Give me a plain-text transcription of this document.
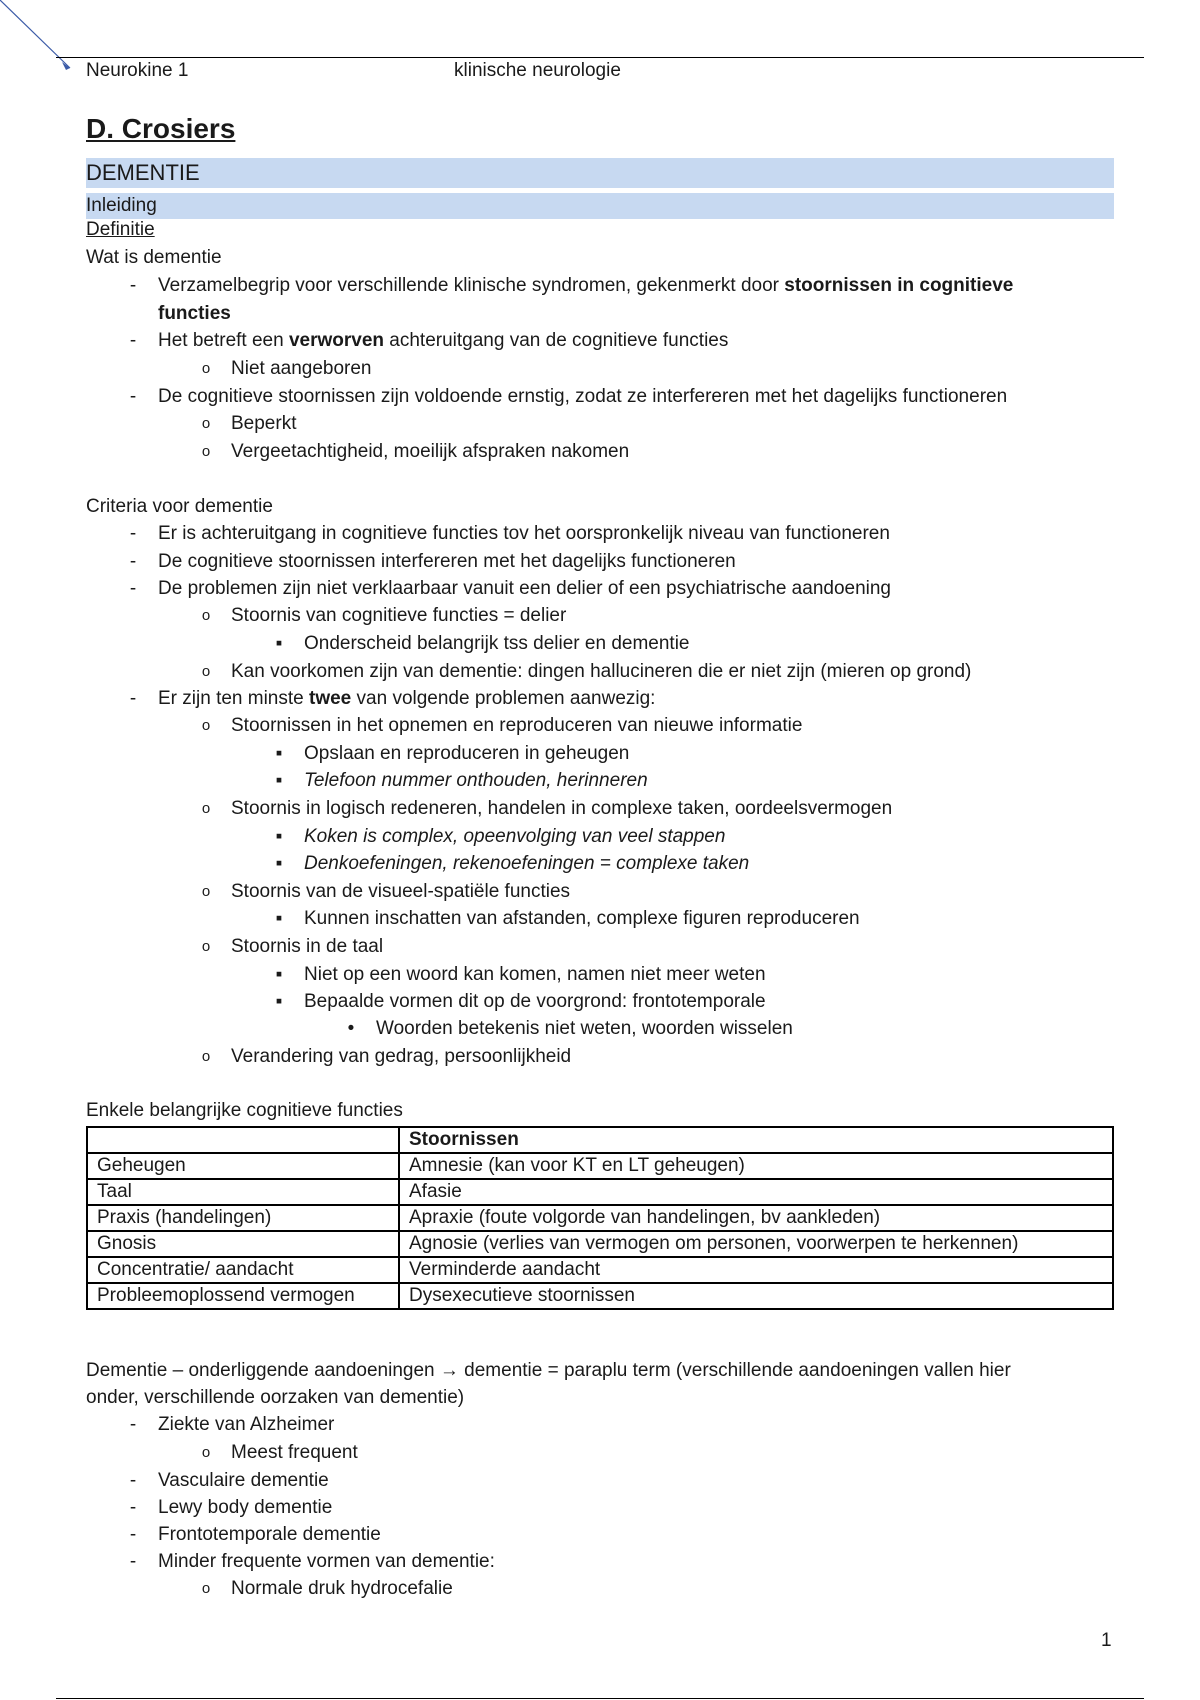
Neurokine 1	klinische neurologie
D. Crosiers
DEMENTIE
Inleiding
Definitie
Wat is dementie
-	Verzamelbegrip voor verschillende klinische syndromen, gekenmerkt door stoornissen in cognitieve
functies
-	Het betreft een verworven achteruitgang van de cognitieve functies
o	Niet aangeboren
-	De cognitieve stoornissen zijn voldoende ernstig, zodat ze interfereren met het dagelijks functioneren
o	Beperkt
o	Vergeetachtigheid, moeilijk afspraken nakomen
Criteria voor dementie
-	Er is achteruitgang in cognitieve functies tov het oorspronkelijk niveau van functioneren
-	De cognitieve stoornissen interfereren met het dagelijks functioneren
-	De problemen zijn niet verklaarbaar vanuit een delier of een psychiatrische aandoening
o	Stoornis van cognitieve functies = delier
▪	Onderscheid belangrijk tss delier en dementie
o	Kan voorkomen zijn van dementie: dingen hallucineren die er niet zijn (mieren op grond)
-	Er zijn ten minste twee van volgende problemen aanwezig:
o	Stoornissen in het opnemen en reproduceren van nieuwe informatie
▪	Opslaan en reproduceren in geheugen
▪	Telefoon nummer onthouden, herinneren
o	Stoornis in logisch redeneren, handelen in complexe taken, oordeelsvermogen
▪	Koken is complex, opeenvolging van veel stappen
▪	Denkoefeningen, rekenoefeningen = complexe taken
o	Stoornis van de visueel-spatiële functies
▪	Kunnen inschatten van afstanden, complexe figuren reproduceren
o	Stoornis in de taal
▪	Niet op een woord kan komen, namen niet meer weten
▪	Bepaalde vormen dit op de voorgrond: frontotemporale
•	Woorden betekenis niet weten, woorden wisselen
o	Verandering van gedrag, persoonlijkheid
Enkele belangrijke cognitieve functies
Dementie – onderliggende aandoeningen → dementie = paraplu term (verschillende aandoeningen vallen hier
onder, verschillende oorzaken van dementie)
-	Ziekte van Alzheimer
o	Meest frequent
-	Vasculaire dementie
-	Lewy body dementie
-	Frontotemporale dementie
-	Minder frequente vormen van dementie:
o	Normale druk hydrocefalie
	Stoornissen
Geheugen	Amnesie (kan voor KT en LT geheugen)
Taal	Afasie
Praxis (handelingen)	Apraxie (foute volgorde van handelingen, bv aankleden)
Gnosis	Agnosie (verlies van vermogen om personen, voorwerpen te herkennen)
Concentratie/ aandacht	Verminderde aandacht
Probleemoplossend vermogen	Dysexecutieve stoornissen
1
